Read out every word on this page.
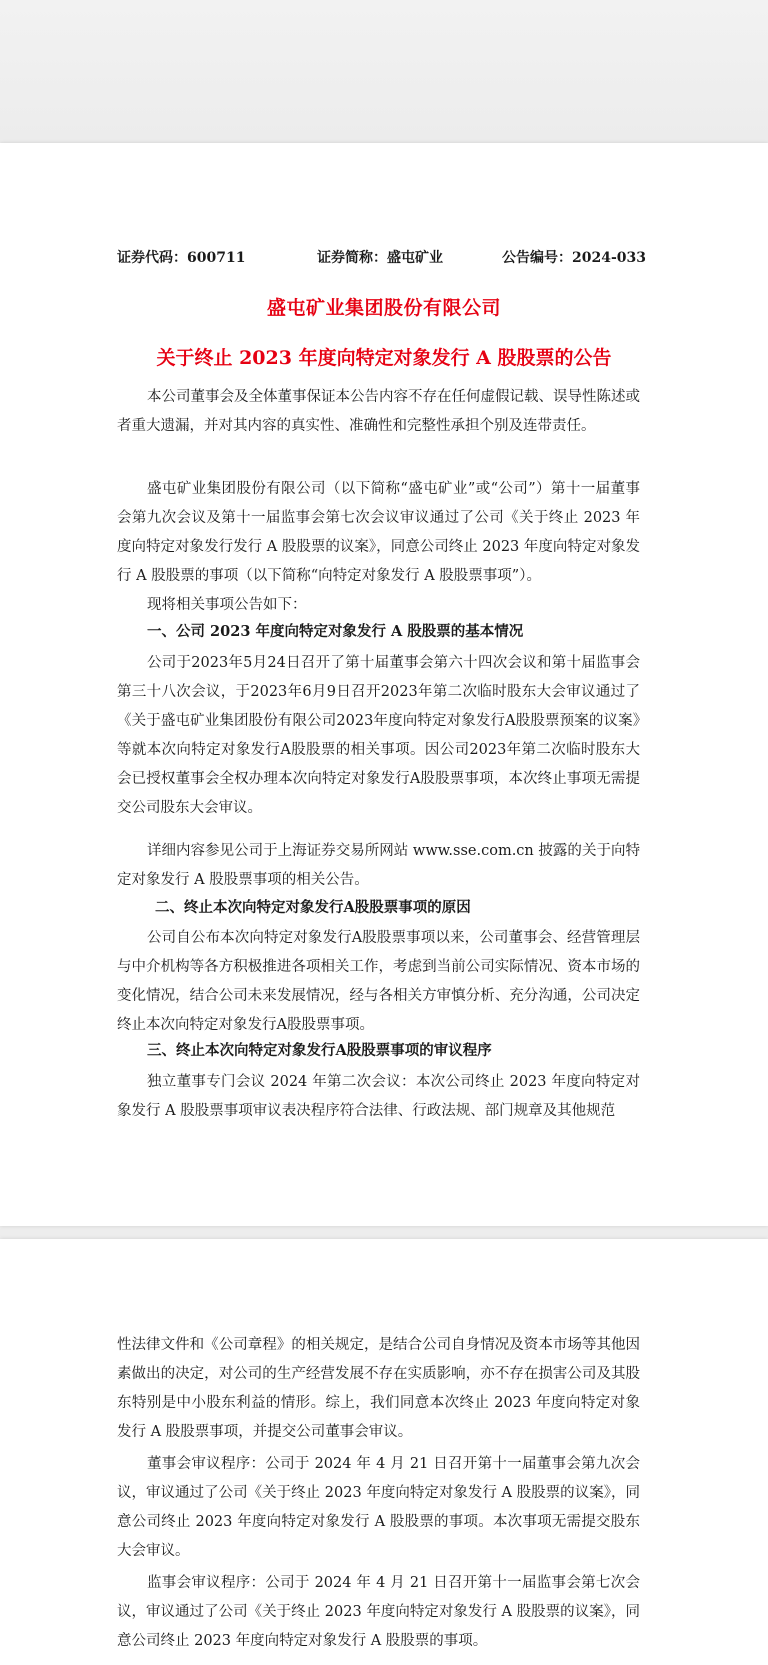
证券代码：600711	证券简称：盛屯矿业	公告编号：2024-033
盛屯矿业集团股份有限公司
关于终止 2023 年度向特定对象发行 A 股股票的公告

本公司董事会及全体董事保证本公告内容不存在任何虚假记载、误导性陈述或者重大遗漏，并对其内容的真实性、准确性和完整性承担个别及连带责任。

盛屯矿业集团股份有限公司（以下简称“盛屯矿业”或“公司”）第十一届董事会第九次会议及第十一届监事会第七次会议审议通过了公司《关于终止 2023 年度向特定对象发行发行 A 股股票的议案》，同意公司终止 2023 年度向特定对象发行 A 股股票的事项（以下简称“向特定对象发行 A 股股票事项”）。

现将相关事项公告如下：

一、公司 2023 年度向特定对象发行 A 股股票的基本情况

公司于2023年5月24日召开了第十届董事会第六十四次会议和第十届监事会第三十八次会议，于2023年6月9日召开2023年第二次临时股东大会审议通过了《关于盛屯矿业集团股份有限公司2023年度向特定对象发行A股股票预案的议案》等就本次向特定对象发行A股股票的相关事项。因公司2023年第二次临时股东大会已授权董事会全权办理本次向特定对象发行A股股票事项，本次终止事项无需提交公司股东大会审议。

详细内容参见公司于上海证券交易所网站 www.sse.com.cn 披露的关于向特定对象发行 A 股股票事项的相关公告。

二、终止本次向特定对象发行A股股票事项的原因

公司自公布本次向特定对象发行A股股票事项以来，公司董事会、经营管理层与中介机构等各方积极推进各项相关工作，考虑到当前公司实际情况、资本市场的变化情况，结合公司未来发展情况，经与各相关方审慎分析、充分沟通，公司决定终止本次向特定对象发行A股股票事项。

三、终止本次向特定对象发行A股股票事项的审议程序

独立董事专门会议 2024 年第二次会议：本次公司终止 2023 年度向特定对象发行 A 股股票事项审议表决程序符合法律、行政法规、部门规章及其他规范

性法律文件和《公司章程》的相关规定，是结合公司自身情况及资本市场等其他因素做出的决定，对公司的生产经营发展不存在实质影响，亦不存在损害公司及其股东特别是中小股东利益的情形。综上，我们同意本次终止 2023 年度向特定对象发行 A 股股票事项，并提交公司董事会审议。

董事会审议程序：公司于 2024 年 4 月 21 日召开第十一届董事会第九次会议，审议通过了公司《关于终止 2023 年度向特定对象发行 A 股股票的议案》，同意公司终止 2023 年度向特定对象发行 A 股股票的事项。本次事项无需提交股东大会审议。

监事会审议程序：公司于 2024 年 4 月 21 日召开第十一届监事会第七次会议，审议通过了公司《关于终止 2023 年度向特定对象发行 A 股股票的议案》，同意公司终止 2023 年度向特定对象发行 A 股股票的事项。
